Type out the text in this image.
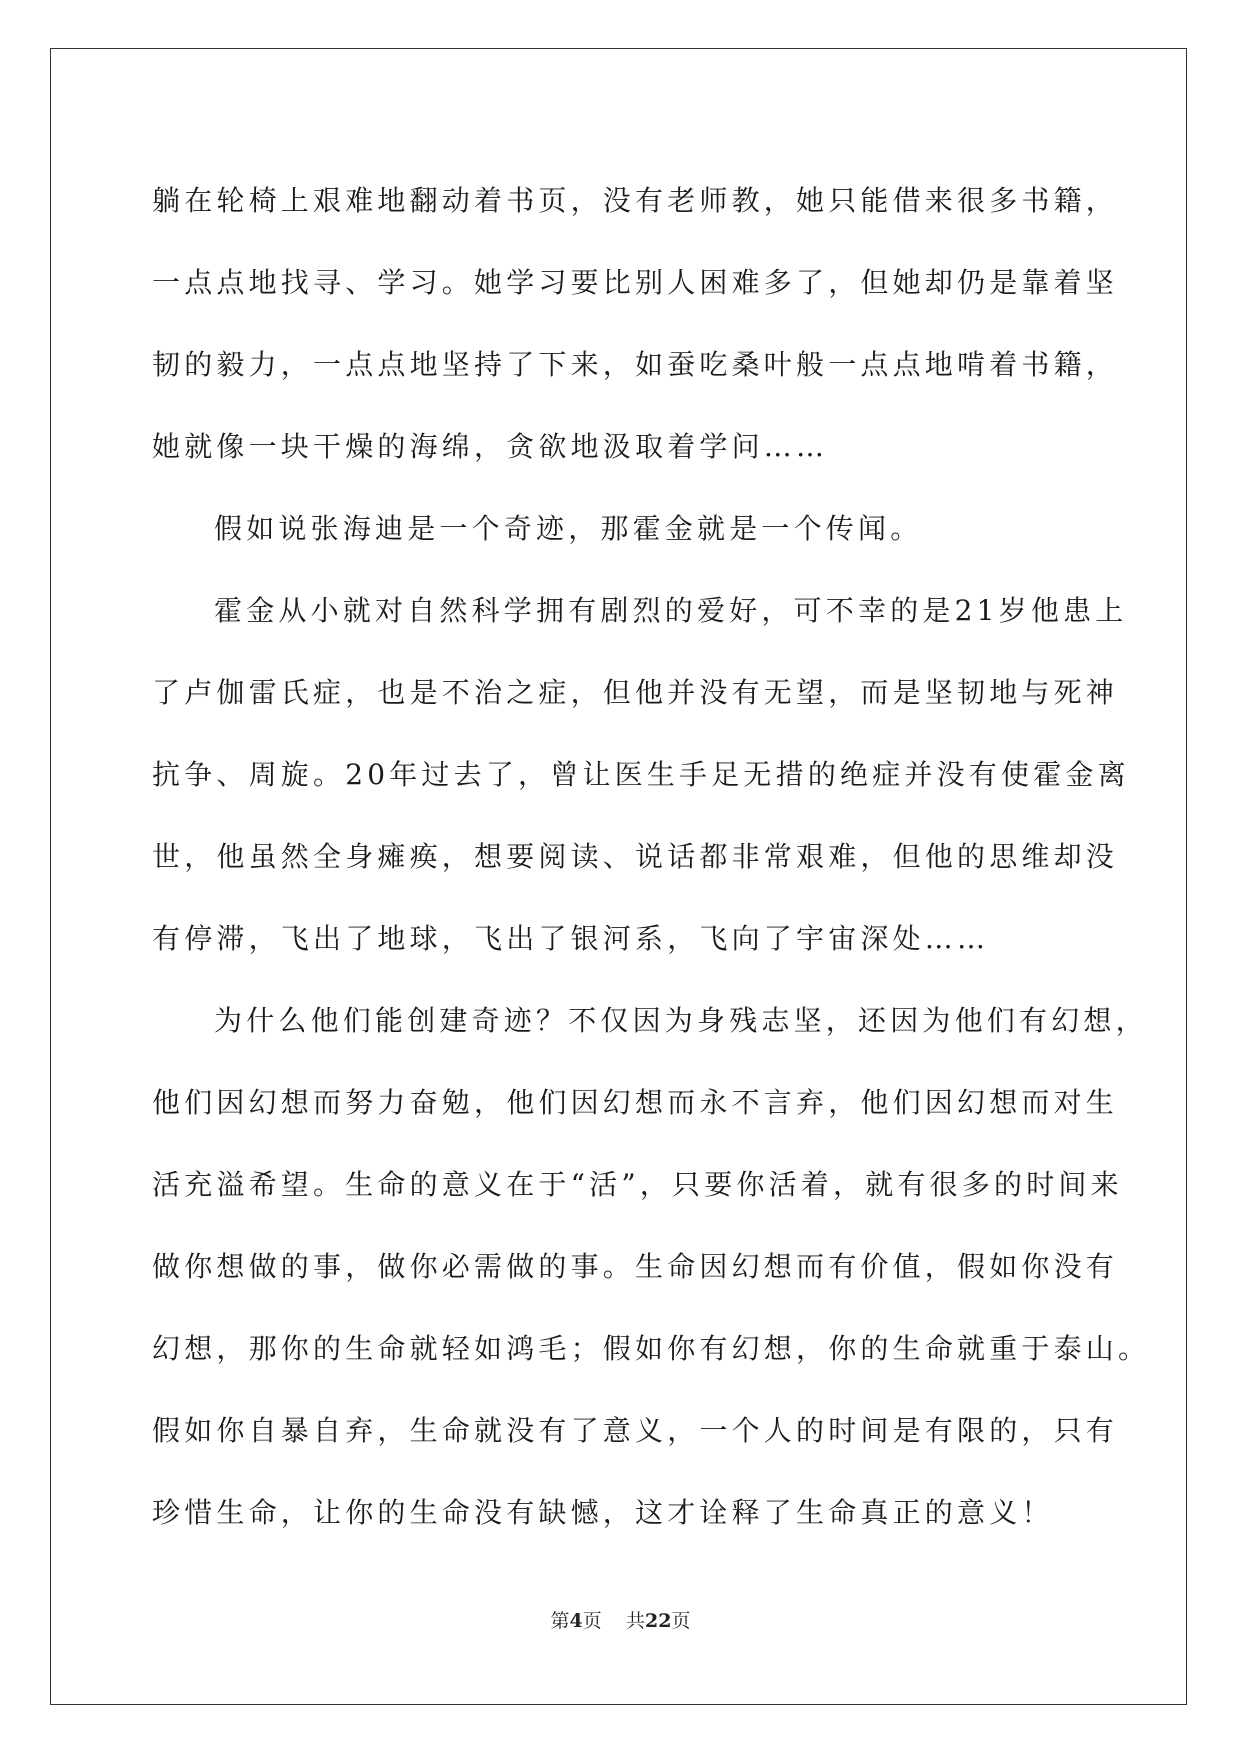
躺在轮椅上艰难地翻动着书页，没有老师教，她只能借来很多书籍，
一点点地找寻、学习。她学习要比别人困难多了，但她却仍是靠着坚
韧的毅力，一点点地坚持了下来，如蚕吃桑叶般一点点地啃着书籍，
她就像一块干燥的海绵，贪欲地汲取着学问……
假如说张海迪是一个奇迹，那霍金就是一个传闻。
霍金从小就对自然科学拥有剧烈的爱好，可不幸的是21岁他患上
了卢伽雷氏症，也是不治之症，但他并没有无望，而是坚韧地与死神
抗争、周旋。20年过去了，曾让医生手足无措的绝症并没有使霍金离
世，他虽然全身瘫痪，想要阅读、说话都非常艰难，但他的思维却没
有停滞，飞出了地球，飞出了银河系，飞向了宇宙深处……
为什么他们能创建奇迹？不仅因为身残志坚，还因为他们有幻想，
他们因幻想而努力奋勉，他们因幻想而永不言弃，他们因幻想而对生
活充溢希望。生命的意义在于“活”，只要你活着，就有很多的时间来
做你想做的事，做你必需做的事。生命因幻想而有价值，假如你没有
幻想，那你的生命就轻如鸿毛；假如你有幻想，你的生命就重于泰山。
假如你自暴自弃，生命就没有了意义，一个人的时间是有限的，只有
珍惜生命，让你的生命没有缺憾，这才诠释了生命真正的意义！
第4页 共22页
